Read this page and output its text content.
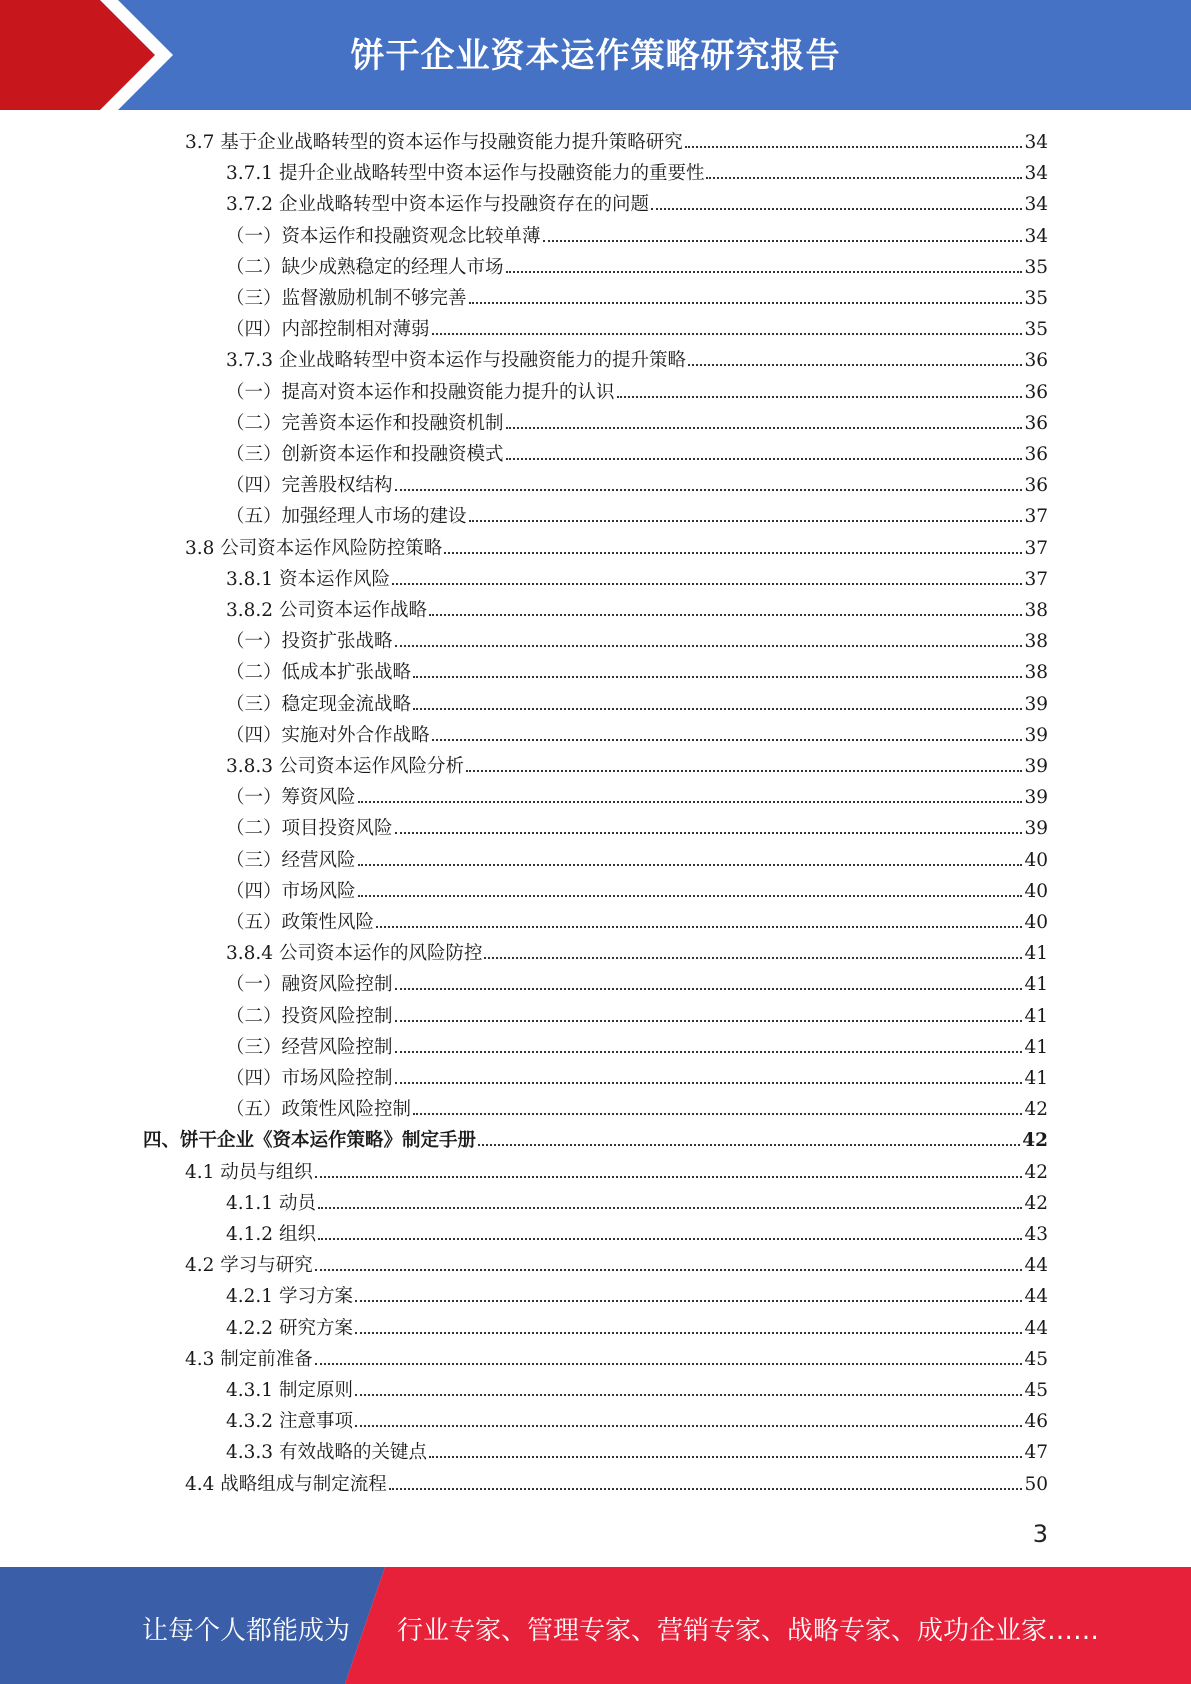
饼干企业资本运作策略研究报告
3.7 基于企业战略转型的资本运作与投融资能力提升策略研究	34
3.7.1 提升企业战略转型中资本运作与投融资能力的重要性	34
3.7.2 企业战略转型中资本运作与投融资存在的问题	34
（一）资本运作和投融资观念比较单薄	34
（二）缺少成熟稳定的经理人市场	35
（三）监督激励机制不够完善	35
（四）内部控制相对薄弱	35
3.7.3 企业战略转型中资本运作与投融资能力的提升策略	36
（一）提高对资本运作和投融资能力提升的认识	36
（二）完善资本运作和投融资机制	36
（三）创新资本运作和投融资模式	36
（四）完善股权结构	36
（五）加强经理人市场的建设	37
3.8 公司资本运作风险防控策略	37
3.8.1 资本运作风险	37
3.8.2 公司资本运作战略	38
（一）投资扩张战略	38
（二）低成本扩张战略	38
（三）稳定现金流战略	39
（四）实施对外合作战略	39
3.8.3 公司资本运作风险分析	39
（一）筹资风险	39
（二）项目投资风险	39
（三）经营风险	40
（四）市场风险	40
（五）政策性风险	40
3.8.4 公司资本运作的风险防控	41
（一）融资风险控制	41
（二）投资风险控制	41
（三）经营风险控制	41
（四）市场风险控制	41
（五）政策性风险控制	42
四、饼干企业《资本运作策略》制定手册	42
4.1 动员与组织	42
4.1.1 动员	42
4.1.2 组织	43
4.2 学习与研究	44
4.2.1 学习方案	44
4.2.2 研究方案	44
4.3 制定前准备	45
4.3.1 制定原则	45
4.3.2 注意事项	46
4.3.3 有效战略的关键点	47
4.4 战略组成与制定流程	50
3
让每个人都能成为 行业专家、管理专家、营销专家、战略专家、成功企业家……
